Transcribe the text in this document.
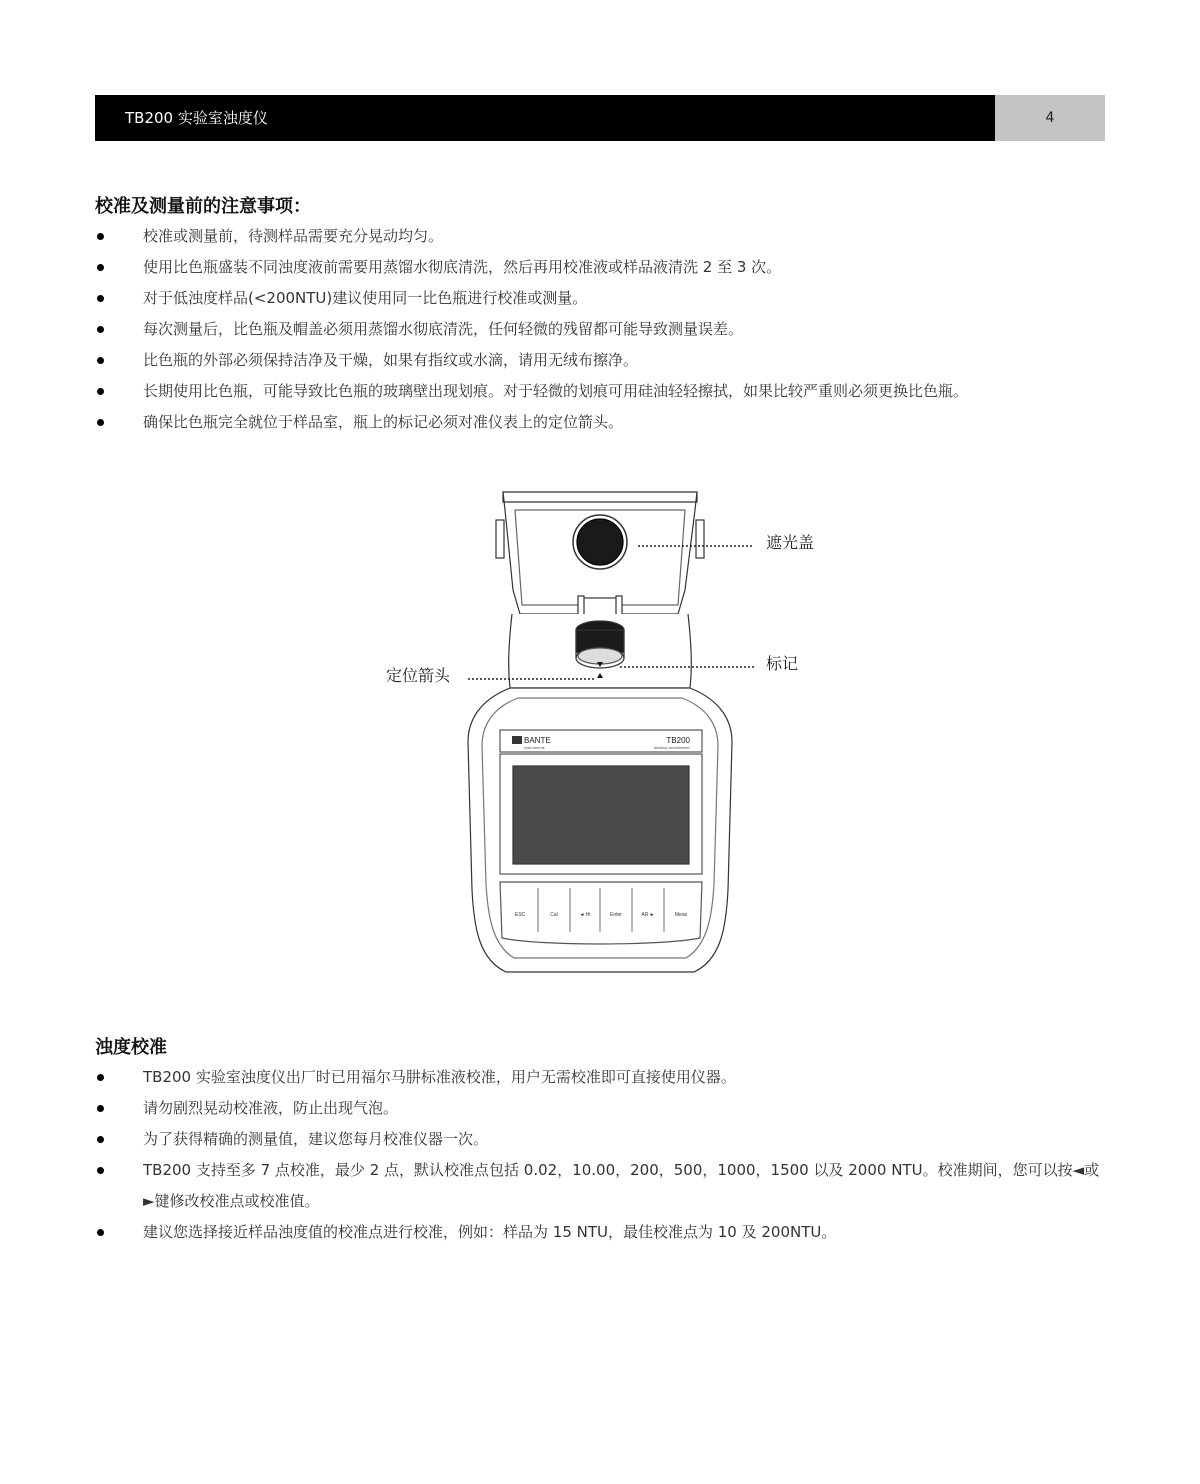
TB200 实验室浊度仪	4
校准及测量前的注意事项：
校准或测量前，待测样品需要充分晃动均匀。
使用比色瓶盛装不同浊度液前需要用蒸馏水彻底清洗，然后再用校准液或样品液清洗 2 至 3 次。
对于低浊度样品(<200NTU)建议使用同一比色瓶进行校准或测量。
每次测量后，比色瓶及帽盖必须用蒸馏水彻底清洗，任何轻微的残留都可能导致测量误差。
比色瓶的外部必须保持洁净及干燥，如果有指纹或水滴，请用无绒布擦净。
长期使用比色瓶，可能导致比色瓶的玻璃壁出现划痕。对于轻微的划痕可用硅油轻轻擦拭，如果比较严重则必须更换比色瓶。
确保比色瓶完全就位于样品室，瓶上的标记必须对准仪表上的定位箭头。
BANTE
instruments
TB200
desktop turbidimeter
ESC	Cal	◄ Hi	Enter	AR ►	Meas
遮光盖
标记
定位箭头
浊度校准
TB200 实验室浊度仪出厂时已用福尔马肼标准液校准，用户无需校准即可直接使用仪器。
请勿剧烈晃动校准液，防止出现气泡。
为了获得精确的测量值，建议您每月校准仪器一次。
TB200 支持至多 7 点校准，最少 2 点，默认校准点包括 0.02，10.00，200，500，1000，1500 以及 2000 NTU。校准期间，您可以按◄或►键修改校准点或校准值。
建议您选择接近样品浊度值的校准点进行校准，例如：样品为 15 NTU，最佳校准点为 10 及 200NTU。
